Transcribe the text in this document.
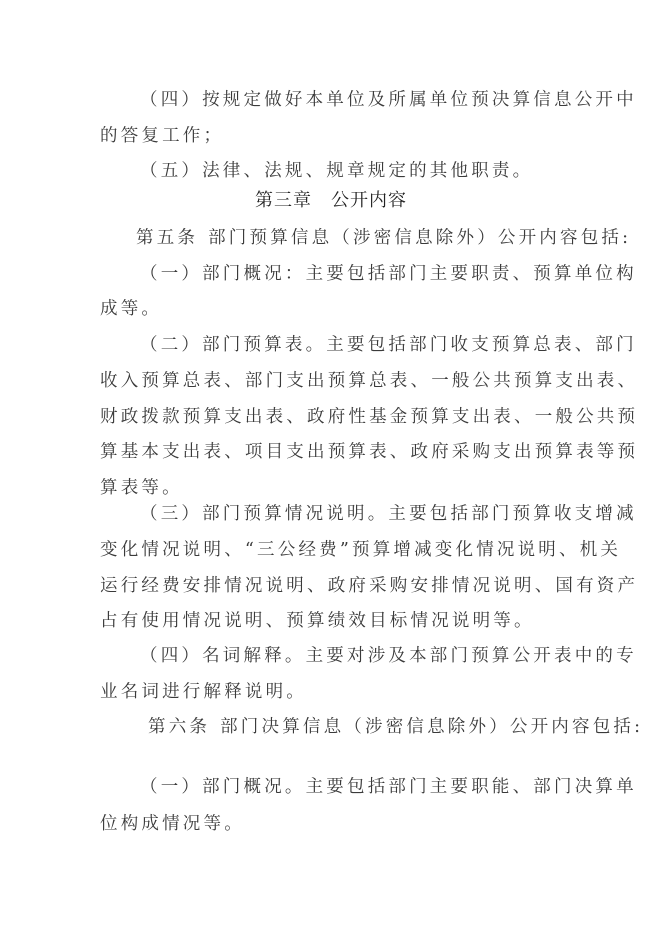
（四）按规定做好本单位及所属单位预决算信息公开中
的答复工作；
（五）法律、法规、规章规定的其他职责。
第三章  公开内容
第五条 部门预算信息（涉密信息除外）公开内容包括:
（一）部门概况：主要包括部门主要职责、预算单位构
成等。
（二）部门预算表。主要包括部门收支预算总表、部门
收入预算总表、部门支出预算总表、一般公共预算支出表、
财政拨款预算支出表、政府性基金预算支出表、一般公共预
算基本支出表、项目支出预算表、政府采购支出预算表等预
算表等。
（三）部门预算情况说明。主要包括部门预算收支增减
变化情况说明、“三公经费”预算增减变化情况说明、机关
运行经费安排情况说明、政府采购安排情况说明、国有资产
占有使用情况说明、预算绩效目标情况说明等。
（四）名词解释。主要对涉及本部门预算公开表中的专
业名词进行解释说明。
第六条 部门决算信息（涉密信息除外）公开内容包括:
（一）部门概况。主要包括部门主要职能、部门决算单
位构成情况等。
